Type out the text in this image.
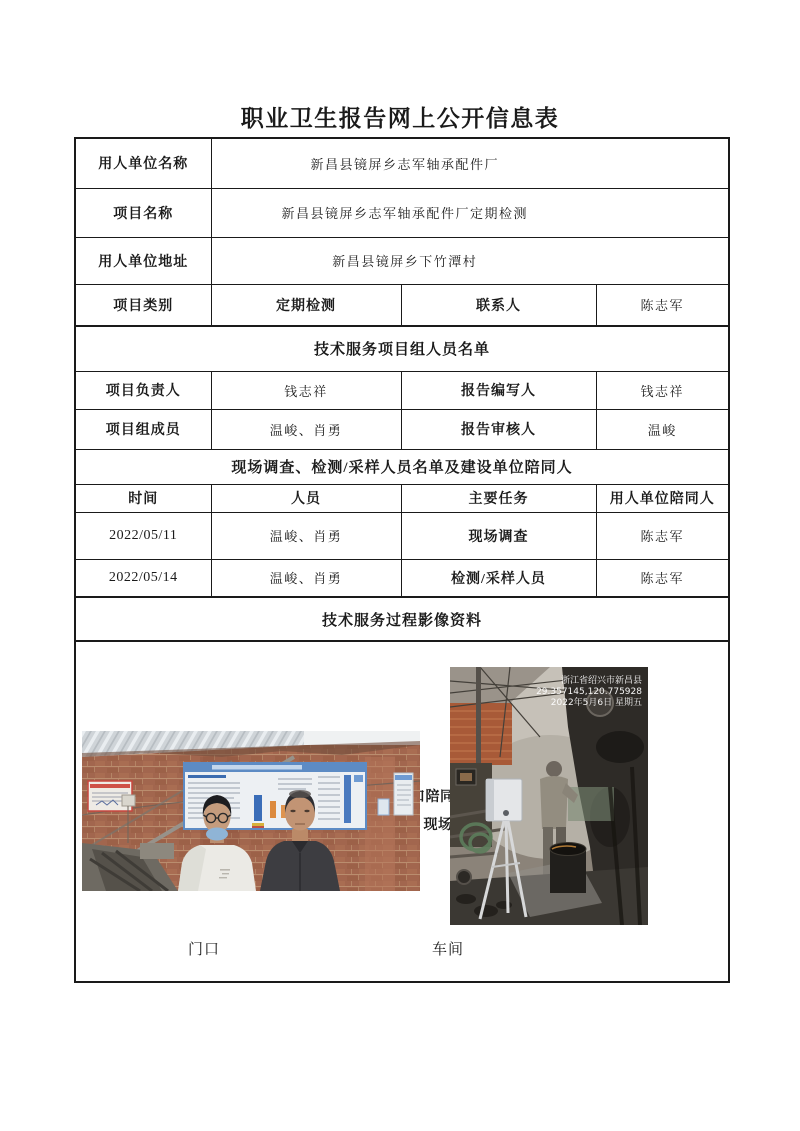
职业卫生报告网上公开信息表
用人单位名称	新昌县镜屏乡志军轴承配件厂		
项目名称	新昌县镜屏乡志军轴承配件厂定期检测		
用人单位地址	新昌县镜屏乡下竹潭村		
项目类别	定期检测	联系人	陈志军
技术服务项目组人员名单			
项目负责人	钱志祥	报告编写人	钱志祥
项目组成员	温峻、肖勇	报告审核人	温峻
现场调查、检测/采样人员名单及建设单位陪同人			
时间	人员	主要任务	用人单位陪同人
2022/05/11	温峻、肖勇	现场调查	陈志军
2022/05/14	温峻、肖勇	检测/采样人员	陈志军
技术服务过程影像资料			

企业门口陪同人合照
现场采样、现场检测图像
浙江省绍兴市新昌县
29.357145,120.775928
2022年5月6日 星期五
门口	车间
